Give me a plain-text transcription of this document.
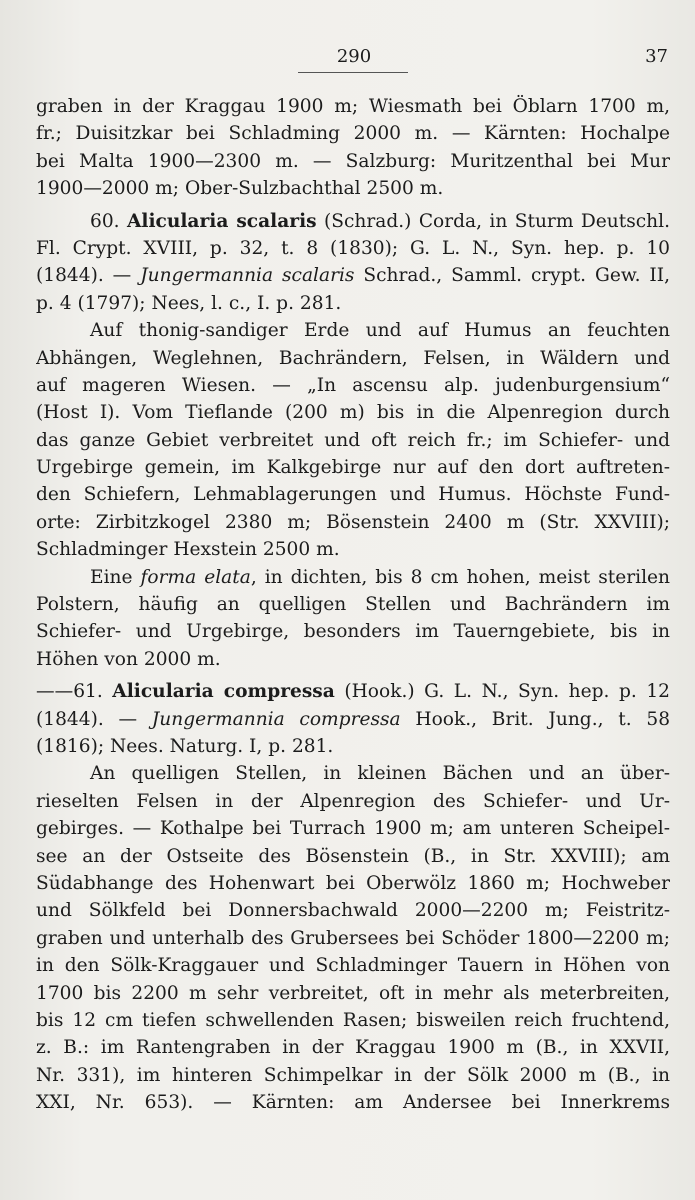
290	37
graben in der Kraggau 1900 m; Wiesmath bei Öblarn 1700 m,
fr.; Duisitzkar bei Schladming 2000 m. — Kärnten: Hochalpe
bei Malta 1900—2300 m. — Salzburg: Muritzenthal bei Mur
1900—2000 m; Ober-Sulzbachthal 2500 m.
60. Alicularia scalaris (Schrad.) Corda, in Sturm Deutschl.
Fl. Crypt. XVIII, p. 32, t. 8 (1830); G. L. N., Syn. hep. p. 10
(1844). — Jungermannia scalaris Schrad., Samml. crypt. Gew. II,
p. 4 (1797); Nees, l. c., I. p. 281.
Auf thonig-sandiger Erde und auf Humus an feuchten
Abhängen, Weglehnen, Bachrändern, Felsen, in Wäldern und
auf mageren Wiesen. — „In ascensu alp. judenburgensium“
(Host I). Vom Tieflande (200 m) bis in die Alpenregion durch
das ganze Gebiet verbreitet und oft reich fr.; im Schiefer- und
Urgebirge gemein, im Kalkgebirge nur auf den dort auftreten-
den Schiefern, Lehmablagerungen und Humus. Höchste Fund-
orte: Zirbitzkogel 2380 m; Bösenstein 2400 m (Str. XXVIII);
Schladminger Hexstein 2500 m.
Eine forma elata, in dichten, bis 8 cm hohen, meist sterilen
Polstern, häufig an quelligen Stellen und Bachrändern im
Schiefer- und Urgebirge, besonders im Tauerngebiete, bis in
Höhen von 2000 m.
——61. Alicularia compressa (Hook.) G. L. N., Syn. hep. p. 12
(1844). — Jungermannia compressa Hook., Brit. Jung., t. 58
(1816); Nees. Naturg. I, p. 281.
An quelligen Stellen, in kleinen Bächen und an über-
rieselten Felsen in der Alpenregion des Schiefer- und Ur-
gebirges. — Kothalpe bei Turrach 1900 m; am unteren Scheipel-
see an der Ostseite des Bösenstein (B., in Str. XXVIII); am
Südabhange des Hohenwart bei Oberwölz 1860 m; Hochweber
und Sölkfeld bei Donnersbachwald 2000—2200 m; Feistritz-
graben und unterhalb des Grubersees bei Schöder 1800—2200 m;
in den Sölk-Kraggauer und Schladminger Tauern in Höhen von
1700 bis 2200 m sehr verbreitet, oft in mehr als meterbreiten,
bis 12 cm tiefen schwellenden Rasen; bisweilen reich fruchtend,
z. B.: im Rantengraben in der Kraggau 1900 m (B., in XXVII,
Nr. 331), im hinteren Schimpelkar in der Sölk 2000 m (B., in
XXI, Nr. 653). — Kärnten: am Andersee bei Innerkrems
